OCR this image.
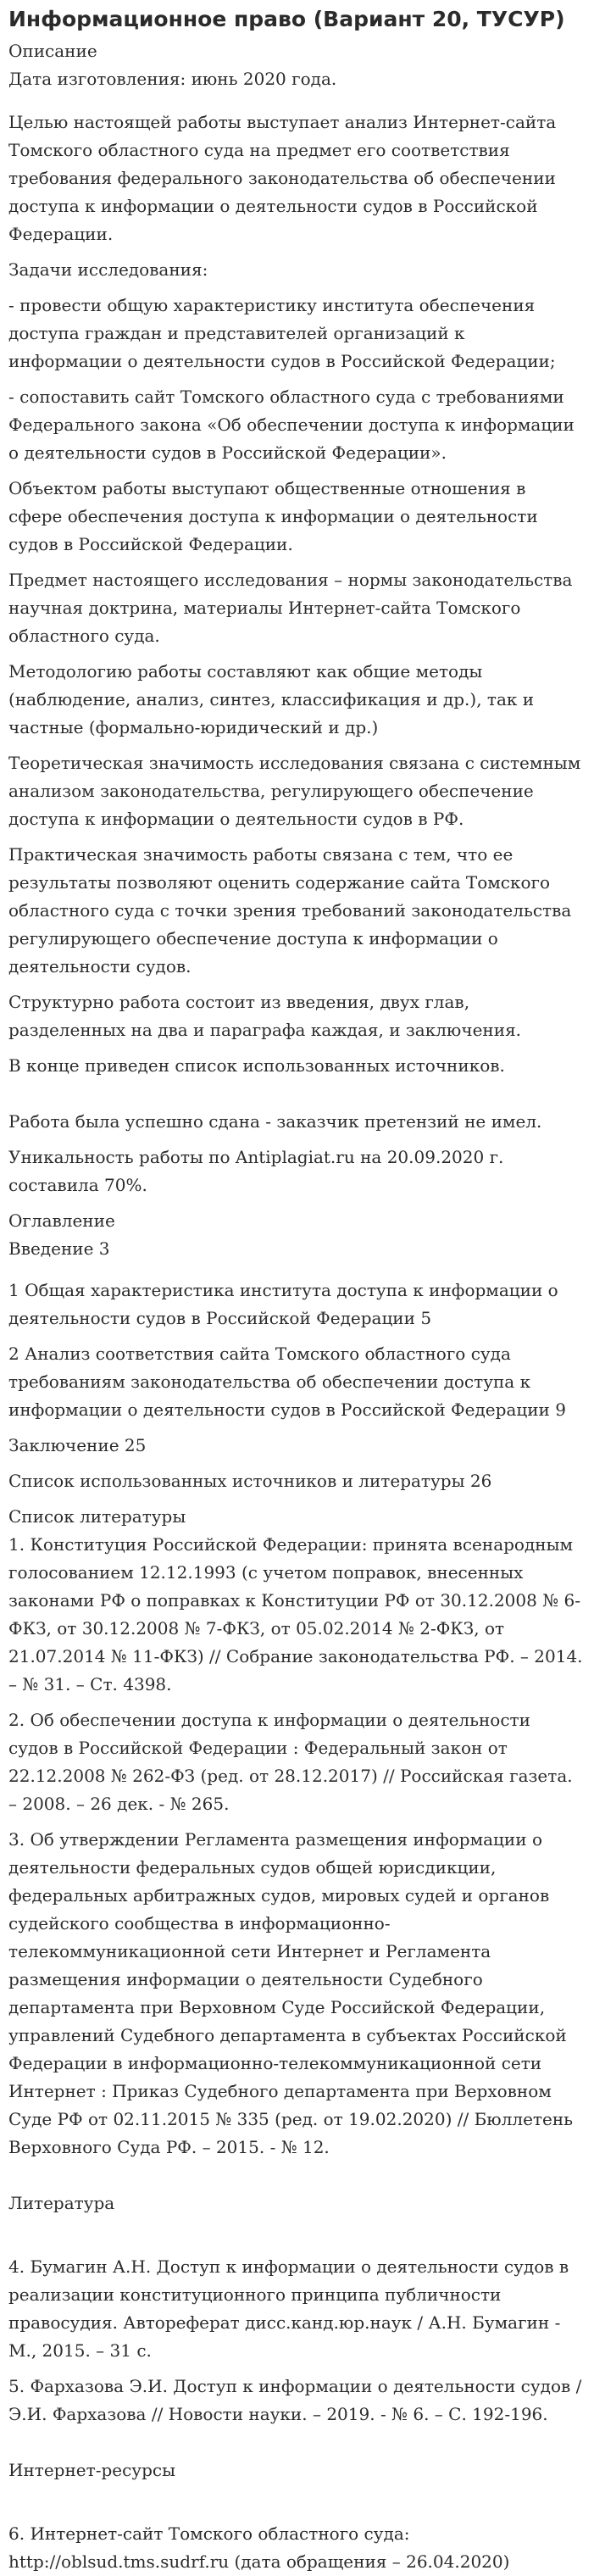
Информационное право (Вариант 20, ТУСУР)

Описание

Дата изготовления: июнь 2020 года.

Целью настоящей работы выступает анализ Интернет-сайта Томского областного суда на предмет его соответствия требования федерального законодательства об обеспечении доступа к информации о деятельности судов в Российской Федерации.

Задачи исследования:

- провести общую характеристику института обеспечения доступа граждан и представителей организаций к информации о деятельности судов в Российской Федерации;

- сопоставить сайт Томского областного суда с требованиями Федерального закона «Об обеспечении доступа к информации о деятельности судов в Российской Федерации».

Объектом работы выступают общественные отношения в сфере обеспечения доступа к информации о деятельности судов в Российской Федерации.

Предмет настоящего исследования – нормы законодательства научная доктрина, материалы Интернет-сайта Томского областного суда.

Методологию работы составляют как общие методы (наблюдение, анализ, синтез, классификация и др.), так и частные (формально-юридический и др.)

Теоретическая значимость исследования связана с системным анализом законодательства, регулирующего обеспечение доступа к информации о деятельности судов в РФ.

Практическая значимость работы связана с тем, что ее результаты позволяют оценить содержание сайта Томского областного суда с точки зрения требований законодательства регулирующего обеспечение доступа к информации о деятельности судов.

Структурно работа состоит из введения, двух глав, разделенных на два и параграфа каждая, и заключения.

В конце приведен список использованных источников.

Работа была успешно сдана - заказчик претензий не имел.

Уникальность работы по Antiplagiat.ru на 20.09.2020 г. составила 70%.

Оглавление

Введение 3

1 Общая характеристика института доступа к информации о деятельности судов в Российской Федерации 5

2 Анализ соответствия сайта Томского областного суда требованиям законодательства об обеспечении доступа к информации о деятельности судов в Российской Федерации 9

Заключение 25

Список использованных источников и литературы 26

Список литературы

1. Конституция Российской Федерации: принята всенародным голосованием 12.12.1993 (с учетом поправок, внесенных законами РФ о поправках к Конституции РФ от 30.12.2008 № 6-ФКЗ, от 30.12.2008 № 7-ФКЗ, от 05.02.2014 № 2-ФКЗ, от 21.07.2014 № 11-ФКЗ) // Собрание законодательства РФ. – 2014. – № 31. – Ст. 4398.

2. Об обеспечении доступа к информации о деятельности судов в Российской Федерации : Федеральный закон от 22.12.2008 № 262-ФЗ (ред. от 28.12.2017) // Российская газета. – 2008. – 26 дек. - № 265.

3. Об утверждении Регламента размещения информации о деятельности федеральных судов общей юрисдикции, федеральных арбитражных судов, мировых судей и органов судейского сообщества в информационно-телекоммуникационной сети Интернет и Регламента размещения информации о деятельности Судебного департамента при Верховном Суде Российской Федерации, управлений Судебного департамента в субъектах Российской Федерации в информационно-телекоммуникационной сети Интернет : Приказ Судебного департамента при Верховном Суде РФ от 02.11.2015 № 335 (ред. от 19.02.2020) // Бюллетень Верховного Суда РФ. – 2015. - № 12.

Литература

4. Бумагин А.Н. Доступ к информации о деятельности судов в реализации конституционного принципа публичности правосудия. Автореферат дисс.канд.юр.наук / А.Н. Бумагин - М., 2015. – 31 с.

5. Фархазова Э.И. Доступ к информации о деятельности судов / Э.И. Фархазова // Новости науки. – 2019. - № 6. – С. 192-196.

Интернет-ресурсы

6. Интернет-сайт Томского областного суда: http://oblsud.tms.sudrf.ru (дата обращения – 26.04.2020)
